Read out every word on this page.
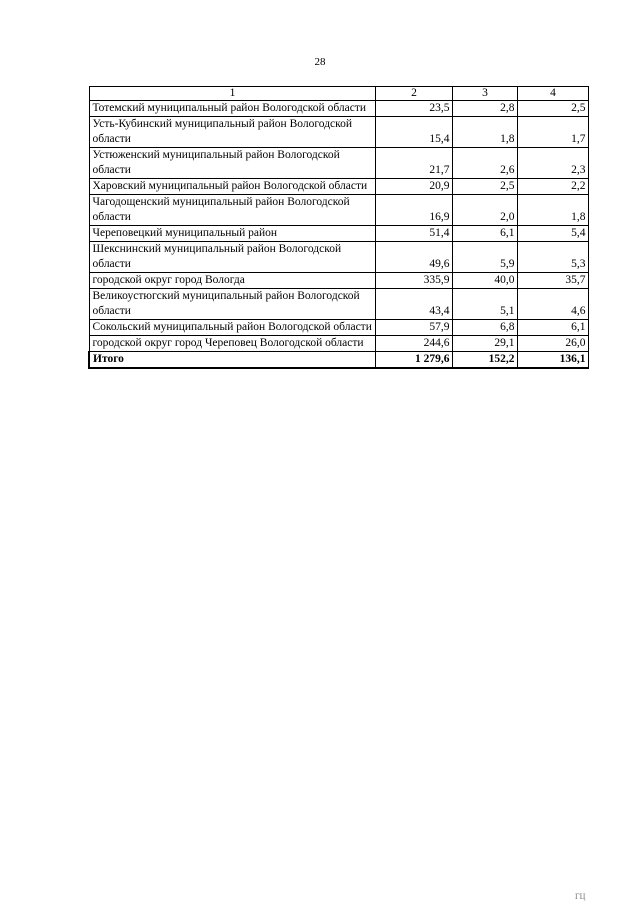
28
1	2	3	4
Тотемский муниципальный район Вологодской области	23,5	2,8	2,5
Усть-Кубинский муниципальный район Вологодской области	15,4	1,8	1,7
Устюженский муниципальный район Вологодской области	21,7	2,6	2,3
Харовский муниципальный район Вологодской области	20,9	2,5	2,2
Чагодощенский муниципальный район Вологодской области	16,9	2,0	1,8
Череповецкий муниципальный район	51,4	6,1	5,4
Шекснинский муниципальный район Вологодской области	49,6	5,9	5,3
городской округ город Вологда	335,9	40,0	35,7
Великоустюгский муниципальный район Вологодской области	43,4	5,1	4,6
Сокольский муниципальный район Вологодской области	57,9	6,8	6,1
городской округ город Череповец Вологодской области	244,6	29,1	26,0
Итого	1 279,6	152,2	136,1
ГЦ
